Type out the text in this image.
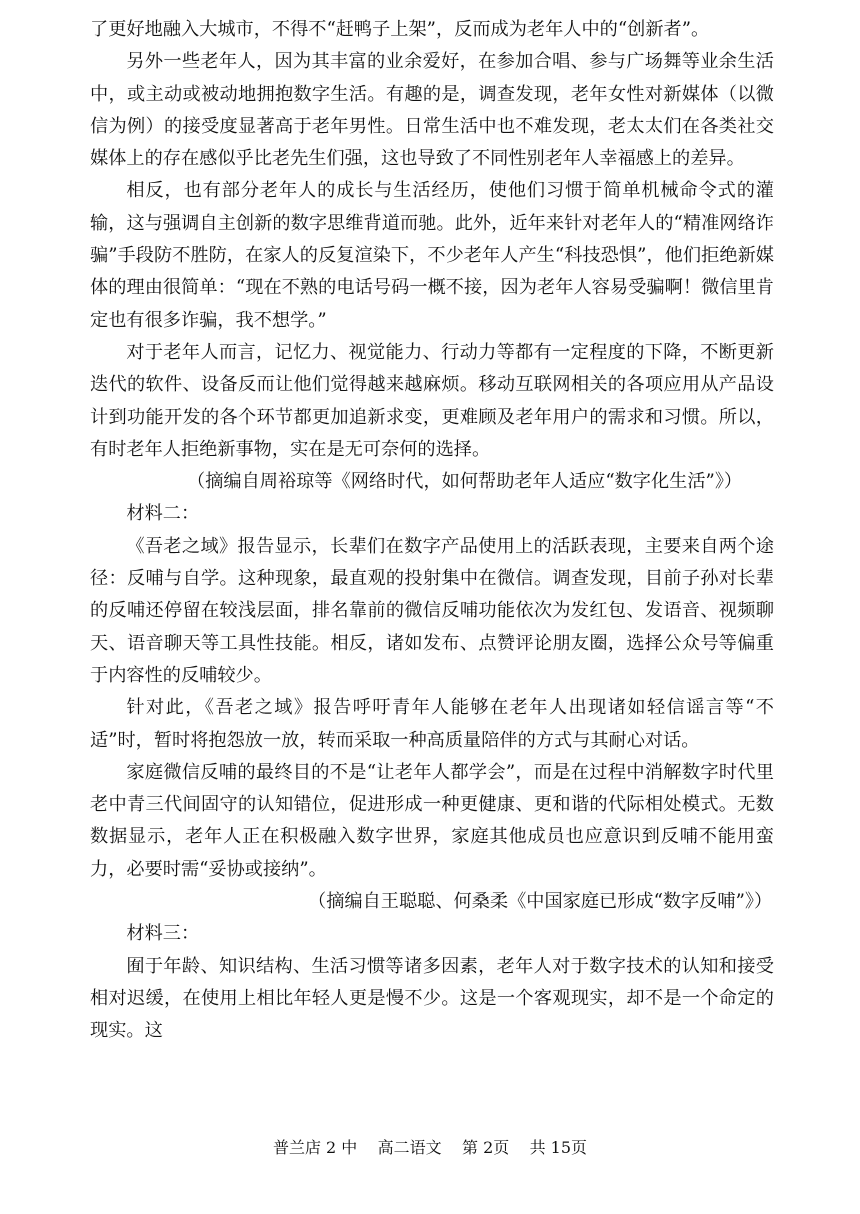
了更好地融入大城市，不得不“赶鸭子上架”，反而成为老年人中的“创新者”。

另外一些老年人，因为其丰富的业余爱好，在参加合唱、参与广场舞等业余生活中，或主动或被动地拥抱数字生活。有趣的是，调查发现，老年女性对新媒体（以微信为例）的接受度显著高于老年男性。日常生活中也不难发现，老太太们在各类社交媒体上的存在感似乎比老先生们强，这也导致了不同性别老年人幸福感上的差异。

相反，也有部分老年人的成长与生活经历，使他们习惯于简单机械命令式的灌输，这与强调自主创新的数字思维背道而驰。此外，近年来针对老年人的“精准网络诈骗”手段防不胜防，在家人的反复渲染下，不少老年人产生“科技恐惧”，他们拒绝新媒体的理由很简单：“现在不熟的电话号码一概不接，因为老年人容易受骗啊！微信里肯定也有很多诈骗，我不想学。”

对于老年人而言，记忆力、视觉能力、行动力等都有一定程度的下降，不断更新迭代的软件、设备反而让他们觉得越来越麻烦。移动互联网相关的各项应用从产品设计到功能开发的各个环节都更加追新求变，更难顾及老年用户的需求和习惯。所以，有时老年人拒绝新事物，实在是无可奈何的选择。

（摘编自周裕琼等《网络时代，如何帮助老年人适应“数字化生活”》）

材料二：

《吾老之域》报告显示，长辈们在数字产品使用上的活跃表现，主要来自两个途径：反哺与自学。这种现象，最直观的投射集中在微信。调查发现，目前子孙对长辈的反哺还停留在较浅层面，排名靠前的微信反哺功能依次为发红包、发语音、视频聊天、语音聊天等工具性技能。相反，诸如发布、点赞评论朋友圈，选择公众号等偏重于内容性的反哺较少。

针对此，《吾老之域》报告呼吁青年人能够在老年人出现诸如轻信谣言等“不适”时，暂时将抱怨放一放，转而采取一种高质量陪伴的方式与其耐心对话。

家庭微信反哺的最终目的不是“让老年人都学会”，而是在过程中消解数字时代里老中青三代间固守的认知错位，促进形成一种更健康、更和谐的代际相处模式。无数数据显示，老年人正在积极融入数字世界，家庭其他成员也应意识到反哺不能用蛮力，必要时需“妥协或接纳”。

（摘编自王聪聪、何桑柔《中国家庭已形成“数字反哺”》）

材料三：

囿于年龄、知识结构、生活习惯等诸多因素，老年人对于数字技术的认知和接受相对迟缓，在使用上相比年轻人更是慢不少。这是一个客观现实，却不是一个命定的现实。这

普兰店 2 中    高二语文    第 2页    共 15页
